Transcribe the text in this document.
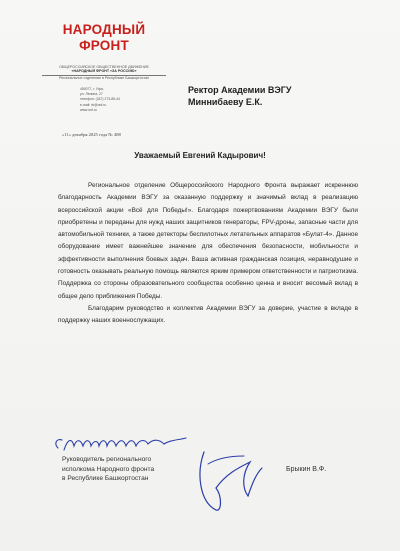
НАРОДНЫЙ
ФРОНТ
ОБЩЕРОССИЙСКОЕ ОБЩЕСТВЕННОЕ ДВИЖЕНИЕ
«НАРОДНЫЙ ФРОНТ «ЗА РОССИЮ»
Региональное отделение в Республике Башкортостан
450077, г. Уфа,
ул. Ленина, 27
телефон: (347) 273-85-44
e-mail: rb@onf.ru
www.onf.ru
«11» декабря 2025 года № 488
Ректор Академии ВЭГУ
Миннибаеву Е.К.
Уважаемый Евгений Кадырович!

Региональное отделение Общероссийского Народного Фронта выражает искреннюю благодарность Академии ВЭГУ за оказанную поддержку и значимый вклад в реализацию всероссийской акции «Всё для Победы!». Благодаря пожертвованиям Академии ВЭГУ были приобретены и переданы для нужд наших защитников генераторы, FPV-дроны, запасные части для автомобильной техники, а также детекторы беспилотных летательных аппаратов «Булат-4». Данное оборудование имеет важнейшее значение для обеспечения безопасности, мобильности и эффективности выполнения боевых задач. Ваша активная гражданская позиция, неравнодушие и готовность оказывать реальную помощь являются ярким примером ответственности и патриотизма. Поддержка со стороны образовательного сообщества особенно ценна и вносит весомый вклад в общее дело приближения Победы.

Благодарим руководство и коллектив Академии ВЭГУ за доверие, участие в вкладе в поддержку наших военнослужащих.

Руководитель регионального
исполкома Народного фронта
в Республике Башкортостан
Брыкин В.Ф.
